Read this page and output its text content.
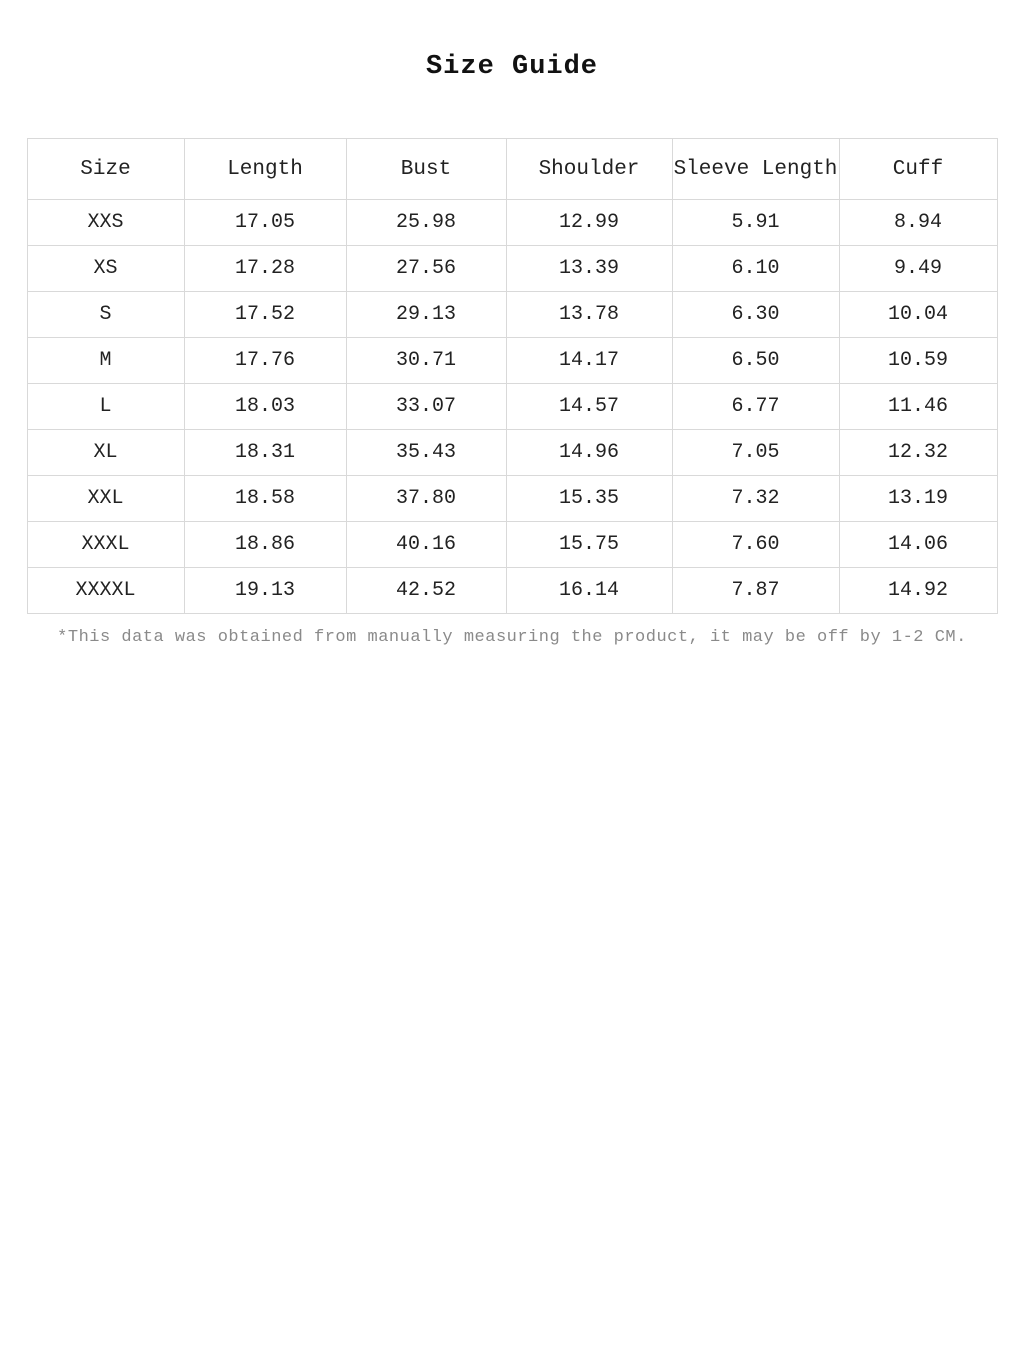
Size Guide
Size	Length	Bust	Shoulder	Sleeve Length	Cuff
XXS	17.05	25.98	12.99	5.91	8.94
XS	17.28	27.56	13.39	6.10	9.49
S	17.52	29.13	13.78	6.30	10.04
M	17.76	30.71	14.17	6.50	10.59
L	18.03	33.07	14.57	6.77	11.46
XL	18.31	35.43	14.96	7.05	12.32
XXL	18.58	37.80	15.35	7.32	13.19
XXXL	18.86	40.16	15.75	7.60	14.06
XXXXL	19.13	42.52	16.14	7.87	14.92
*This data was obtained from manually measuring the product, it may be off by 1-2 CM.
